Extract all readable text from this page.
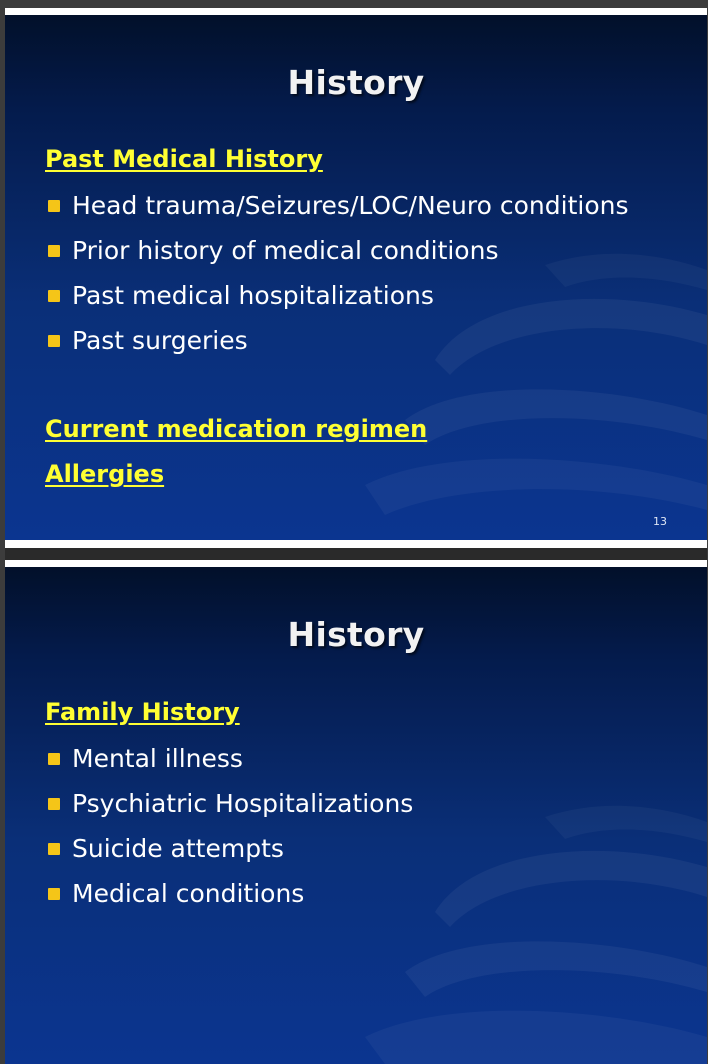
History
Past Medical History
Head trauma/Seizures/LOC/Neuro conditions
Prior history of medical conditions
Past medical hospitalizations
Past surgeries
Current medication regimen
Allergies
13
History
Family History
Mental illness
Psychiatric Hospitalizations
Suicide attempts
Medical conditions
